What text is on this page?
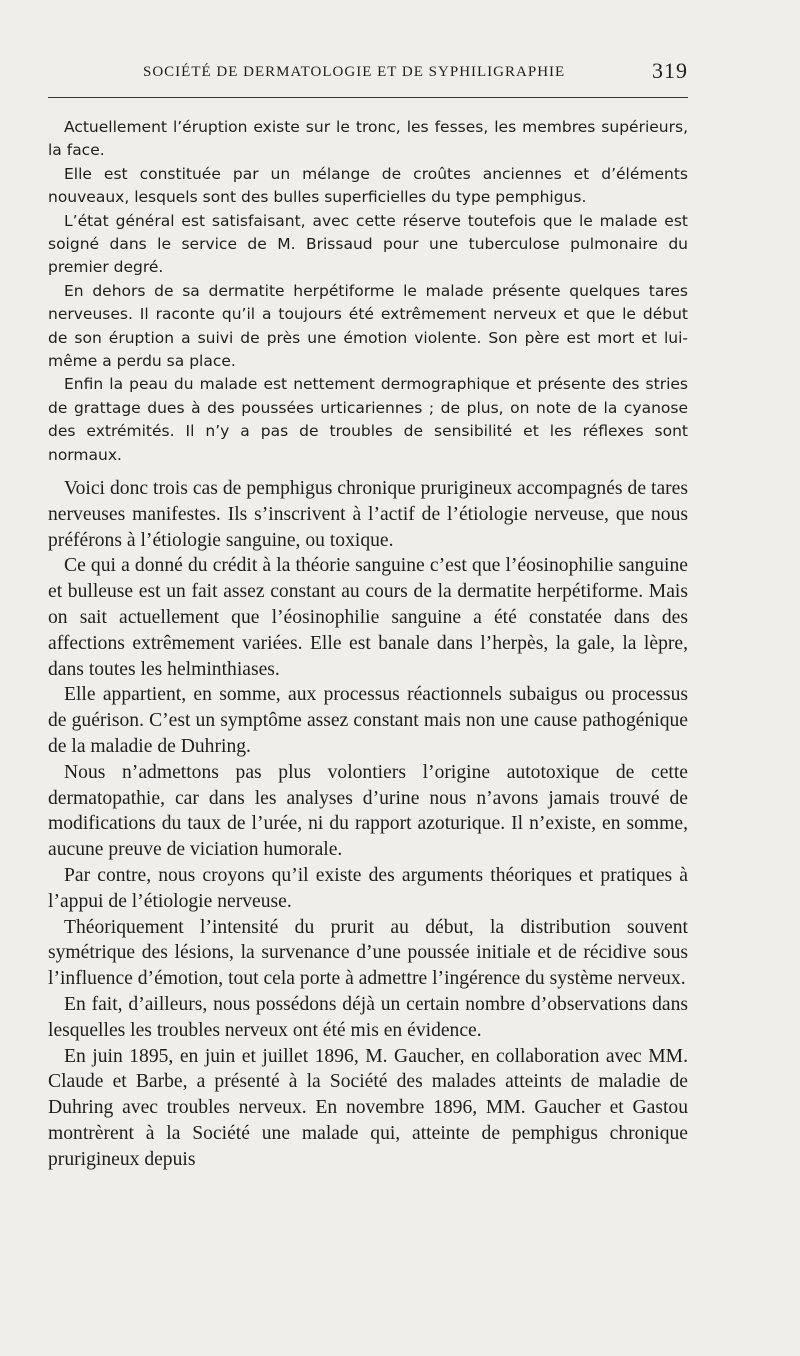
SOCIÉTÉ DE DERMATOLOGIE ET DE SYPHILIGRAPHIE	319

Actuellement l’éruption existe sur le tronc, les fesses, les membres supérieurs, la face.

Elle est constituée par un mélange de croûtes anciennes et d’éléments nouveaux, lesquels sont des bulles superficielles du type pemphigus.

L’état général est satisfaisant, avec cette réserve toutefois que le malade est soigné dans le service de M. Brissaud pour une tuberculose pulmonaire du premier degré.

En dehors de sa dermatite herpétiforme le malade présente quelques tares nerveuses. Il raconte qu’il a toujours été extrêmement nerveux et que le début de son éruption a suivi de près une émotion violente. Son père est mort et lui-même a perdu sa place.

Enfin la peau du malade est nettement dermographique et présente des stries de grattage dues à des poussées urticariennes ; de plus, on note de la cyanose des extrémités. Il n’y a pas de troubles de sensibilité et les réflexes sont normaux.

Voici donc trois cas de pemphigus chronique prurigineux accompagnés de tares nerveuses manifestes. Ils s’inscrivent à l’actif de l’étiologie nerveuse, que nous préférons à l’étiologie sanguine, ou toxique.

Ce qui a donné du crédit à la théorie sanguine c’est que l’éosinophilie sanguine et bulleuse est un fait assez constant au cours de la dermatite herpétiforme. Mais on sait actuellement que l’éosinophilie sanguine a été constatée dans des affections extrêmement variées. Elle est banale dans l’herpès, la gale, la lèpre, dans toutes les helminthiases.

Elle appartient, en somme, aux processus réactionnels subaigus ou processus de guérison. C’est un symptôme assez constant mais non une cause pathogénique de la maladie de Duhring.

Nous n’admettons pas plus volontiers l’origine autotoxique de cette dermatopathie, car dans les analyses d’urine nous n’avons jamais trouvé de modifications du taux de l’urée, ni du rapport azoturique. Il n’existe, en somme, aucune preuve de viciation humorale.

Par contre, nous croyons qu’il existe des arguments théoriques et pratiques à l’appui de l’étiologie nerveuse.

Théoriquement l’intensité du prurit au début, la distribution souvent symétrique des lésions, la survenance d’une poussée initiale et de récidive sous l’influence d’émotion, tout cela porte à admettre l’ingérence du système nerveux.

En fait, d’ailleurs, nous possédons déjà un certain nombre d’observations dans lesquelles les troubles nerveux ont été mis en évidence.

En juin 1895, en juin et juillet 1896, M. Gaucher, en collaboration avec MM. Claude et Barbe, a présenté à la Société des malades atteints de maladie de Duhring avec troubles nerveux. En novembre 1896, MM. Gaucher et Gastou montrèrent à la Société une malade qui, atteinte de pemphigus chronique prurigineux depuis
